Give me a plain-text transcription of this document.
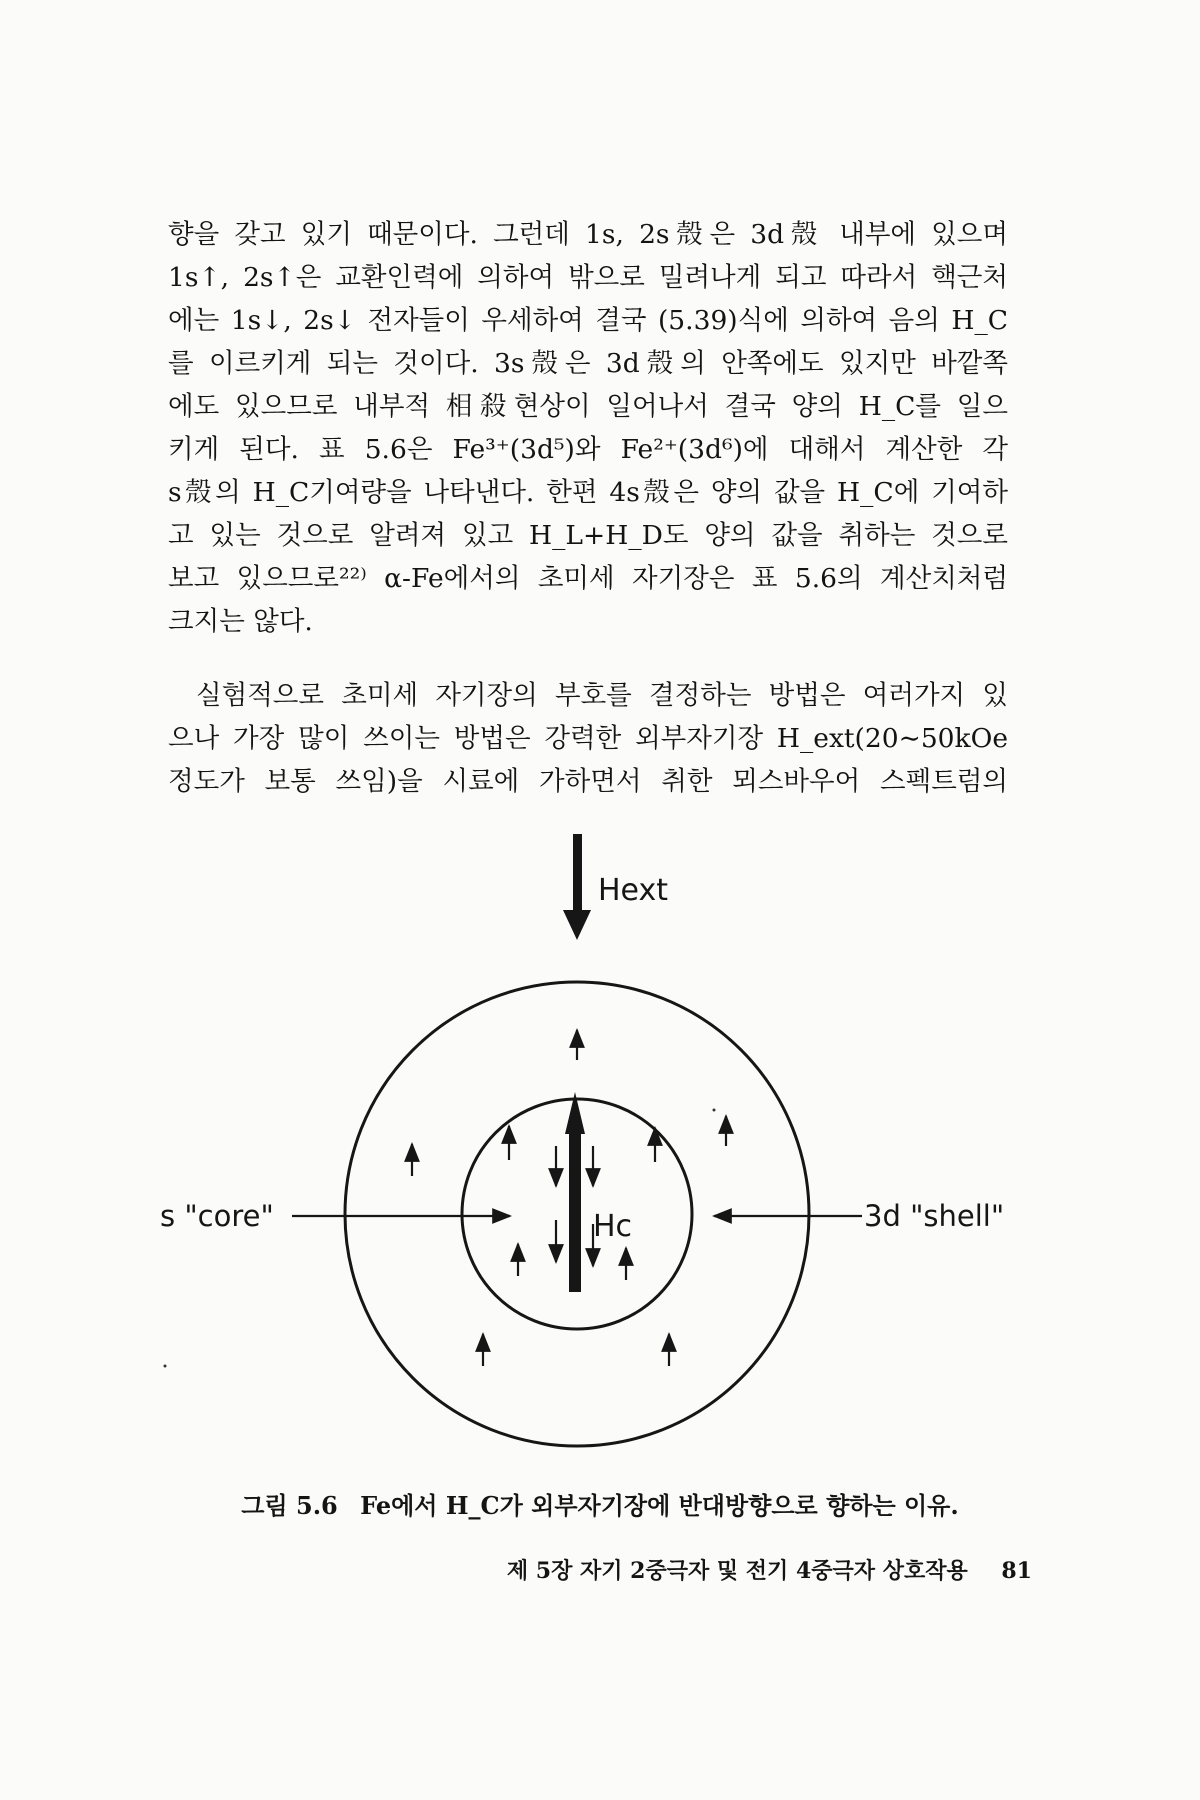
향을 갖고 있기 때문이다. 그런데 1s, 2s殼은 3d殼 내부에 있으며
1s↑, 2s↑은 교환인력에 의하여 밖으로 밀려나게 되고 따라서 핵근처
에는 1s↓, 2s↓ 전자들이 우세하여 결국 (5.39)식에 의하여 음의 H_C
를 이르키게 되는 것이다. 3s殼은 3d殼의 안쪽에도 있지만 바깥쪽
에도 있으므로 내부적 相殺현상이 일어나서 결국 양의 H_C를 일으
키게 된다. 표 5.6은 Fe³⁺(3d⁵)와 Fe²⁺(3d⁶)에 대해서 계산한 각
s殼의 H_C기여량을 나타낸다. 한편 4s殼은 양의 값을 H_C에 기여하
고 있는 것으로 알려져 있고 H_L+H_D도 양의 값을 취하는 것으로
보고 있으므로²²⁾ α-Fe에서의 초미세 자기장은 표 5.6의 계산치처럼
크지는 않다.
실험적으로 초미세 자기장의 부호를 결정하는 방법은 여러가지 있
으나 가장 많이 쓰이는 방법은 강력한 외부자기장 H_ext(20∼50kOe
정도가 보통 쓰임)을 시료에 가하면서 취한 뫼스바우어 스펙트럼의
Hext
Hc
s "core"	3d "shell"
그림 5.6 Fe에서 H_C가 외부자기장에 반대방향으로 향하는 이유.
제 5장 자기 2중극자 및 전기 4중극자 상호작용 81
